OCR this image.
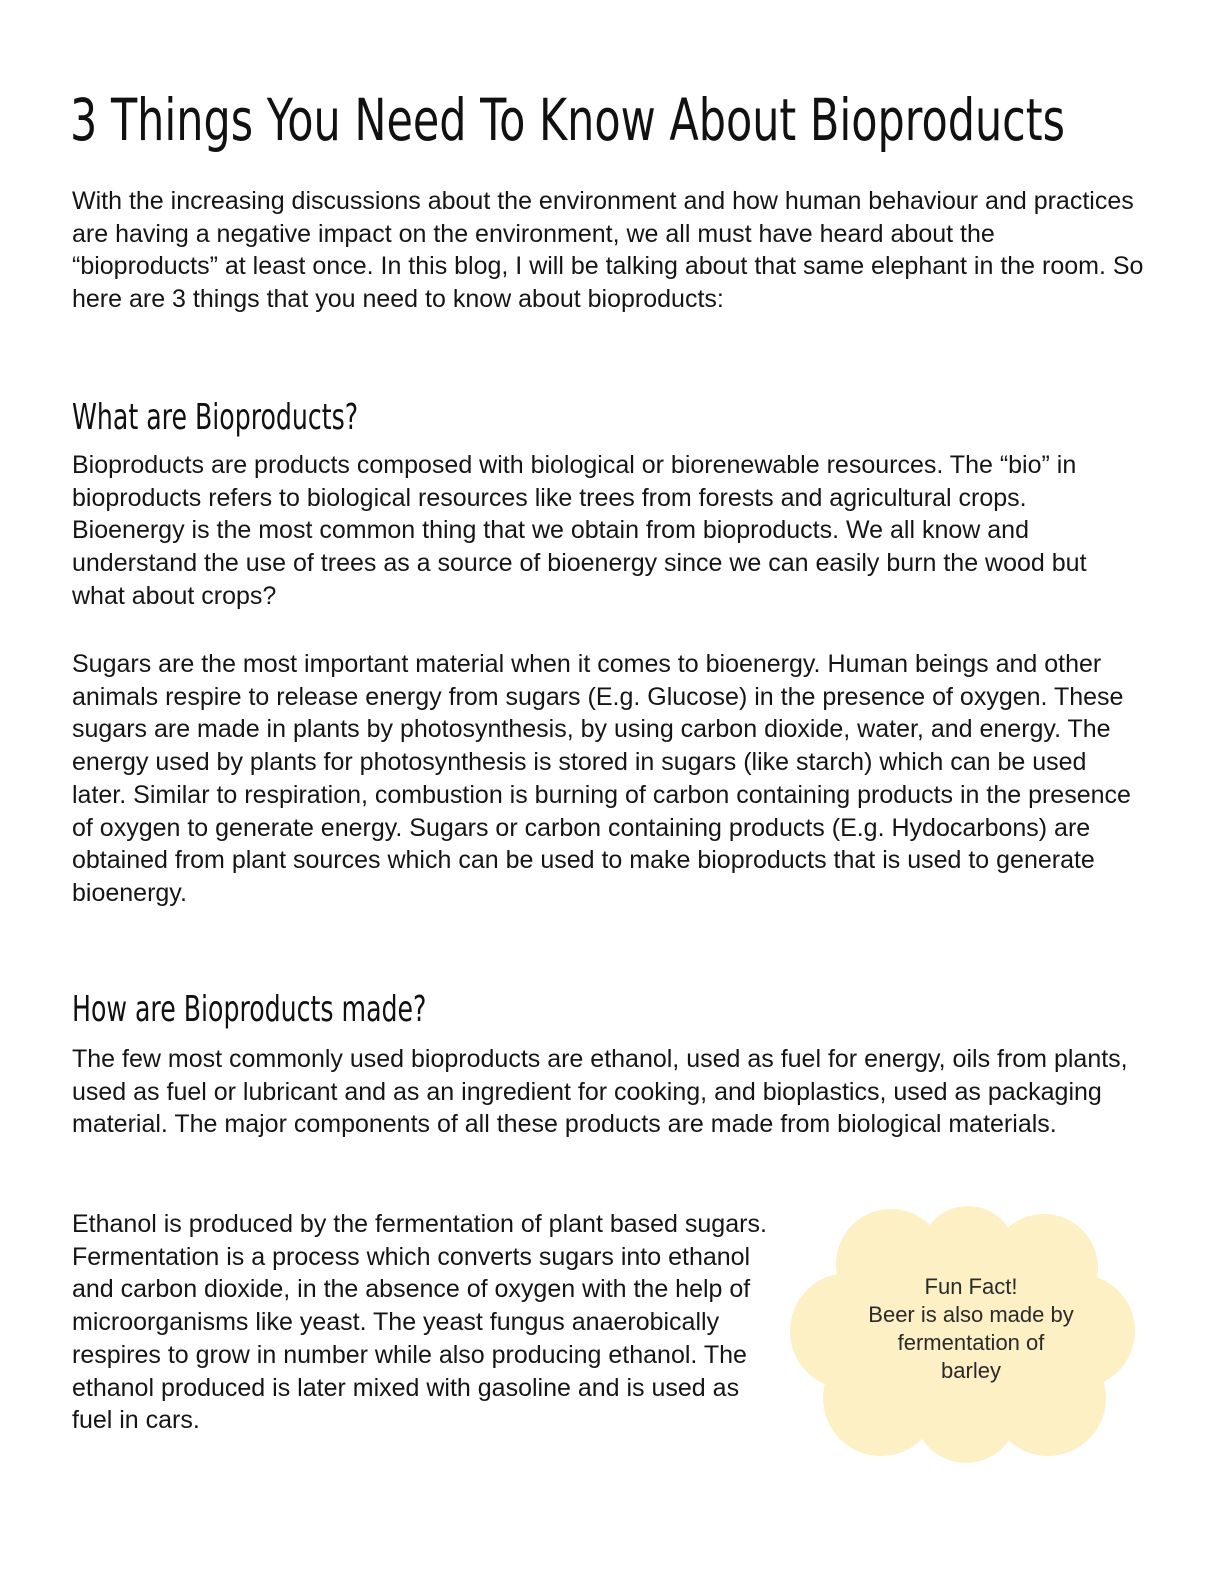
3 Things You Need To Know About Bioproducts

With the increasing discussions about the environment and how human behaviour and practices are having a negative impact on the environment, we all must have heard about the “bioproducts” at least once. In this blog, I will be talking about that same elephant in the room. So here are 3 things that you need to know about bioproducts:

What are Bioproducts?

Bioproducts are products composed with biological or biorenewable resources. The “bio” in bioproducts refers to biological resources like trees from forests and agricultural crops. Bioenergy is the most common thing that we obtain from bioproducts. We all know and understand the use of trees as a source of bioenergy since we can easily burn the wood but what about crops?

Sugars are the most important material when it comes to bioenergy. Human beings and other animals respire to release energy from sugars (E.g. Glucose) in the presence of oxygen. These sugars are made in plants by photosynthesis, by using carbon dioxide, water, and energy. The energy used by plants for photosynthesis is stored in sugars (like starch) which can be used later. Similar to respiration, combustion is burning of carbon containing products in the presence of oxygen to generate energy. Sugars or carbon containing products (E.g. Hydocarbons) are obtained from plant sources which can be used to make bioproducts that is used to generate bioenergy.

How are Bioproducts made?

The few most commonly used bioproducts are ethanol, used as fuel for energy, oils from plants, used as fuel or lubricant and as an ingredient for cooking, and bioplastics, used as packaging material. The major components of all these products are made from biological materials.

Ethanol is produced by the fermentation of plant based sugars. Fermentation is a process which converts sugars into ethanol and carbon dioxide, in the absence of oxygen with the help of microorganisms like yeast. The yeast fungus anaerobically respires to grow in number while also producing ethanol. The ethanol produced is later mixed with gasoline and is used as fuel in cars.

Fun Fact!
Beer is also made by
fermentation of
barley
